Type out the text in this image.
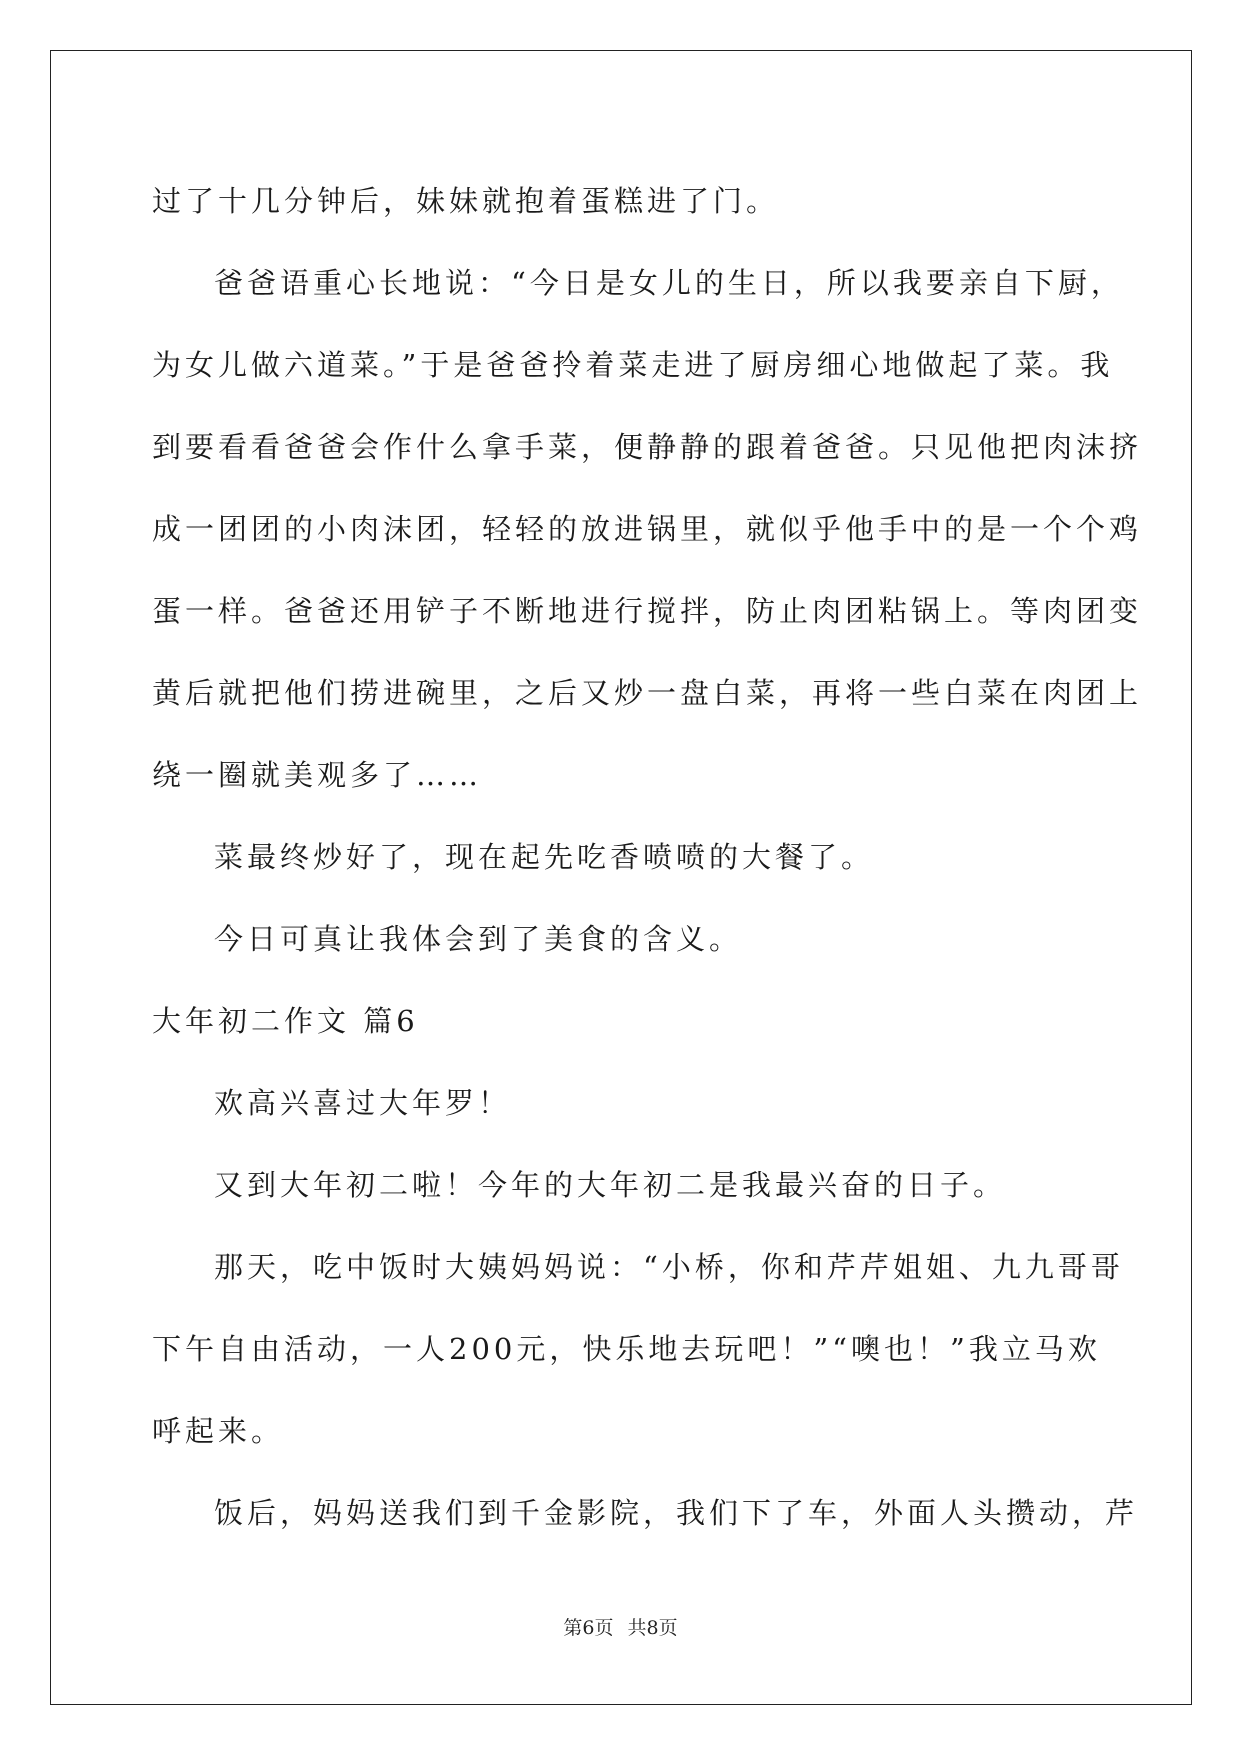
过了十几分钟后，妹妹就抱着蛋糕进了门。
爸爸语重心长地说：“今日是女儿的生日，所以我要亲自下厨，
为女儿做六道菜。”于是爸爸拎着菜走进了厨房细心地做起了菜。我
到要看看爸爸会作什么拿手菜，便静静的跟着爸爸。只见他把肉沫挤
成一团团的小肉沫团，轻轻的放进锅里，就似乎他手中的是一个个鸡
蛋一样。爸爸还用铲子不断地进行搅拌，防止肉团粘锅上。等肉团变
黄后就把他们捞进碗里，之后又炒一盘白菜，再将一些白菜在肉团上
绕一圈就美观多了……
菜最终炒好了，现在起先吃香喷喷的大餐了。
今日可真让我体会到了美食的含义。
大年初二作文 篇6
欢高兴喜过大年罗！
又到大年初二啦！今年的大年初二是我最兴奋的日子。
那天，吃中饭时大姨妈妈说：“小桥，你和芹芹姐姐、九九哥哥
下午自由活动，一人200元，快乐地去玩吧！”“噢也！”我立马欢
呼起来。
饭后，妈妈送我们到千金影院，我们下了车，外面人头攒动，芹
第6页 共8页
